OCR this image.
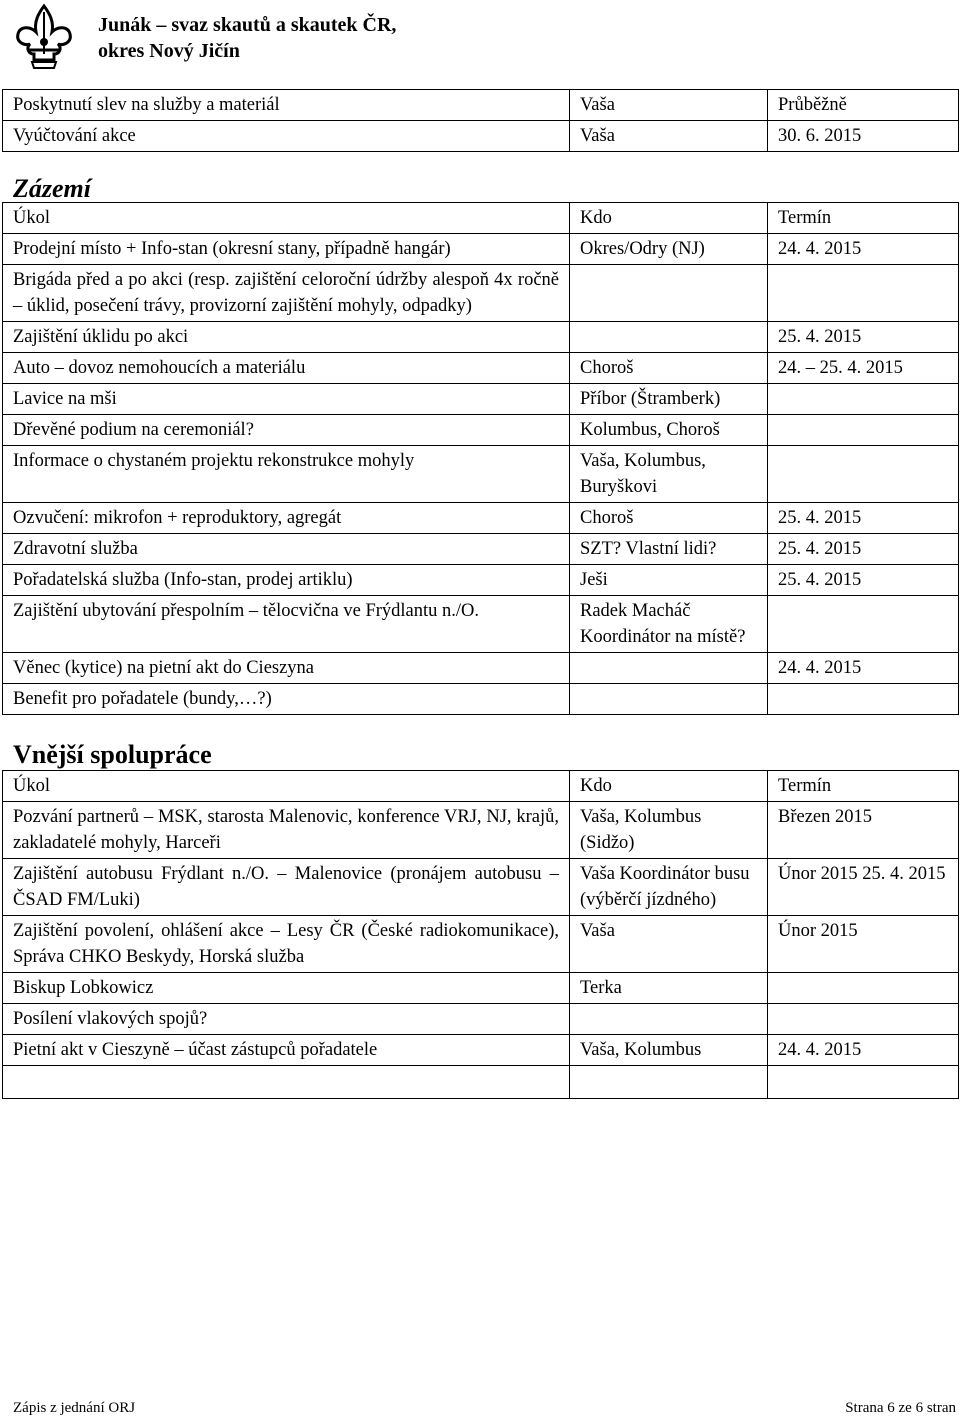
Junák – svaz skautů a skautek ČR,
okres Nový Jičín
Poskytnutí slev na služby a materiál	Vaša	Průběžně
Vyúčtování akce	Vaša	30. 6. 2015
Zázemí
Úkol	Kdo	Termín
Prodejní místo + Info-stan (okresní stany, případně hangár)	Okres/Odry (NJ)	24. 4. 2015
Brigáda před a po akci (resp. zajištění celoroční údržby alespoň 4x ročně – úklid, posečení trávy, provizorní zajištění mohyly, odpadky)		
Zajištění úklidu po akci		25. 4. 2015
Auto – dovoz nemohoucích a materiálu	Choroš	24. – 25. 4. 2015
Lavice na mši	Příbor (Štramberk)	
Dřevěné podium na ceremoniál?	Kolumbus, Choroš	
Informace o chystaném projektu rekonstrukce mohyly	Vaša, Kolumbus, Buryškovi	
Ozvučení: mikrofon + reproduktory, agregát	Choroš	25. 4. 2015
Zdravotní služba	SZT? Vlastní lidi?	25. 4. 2015
Pořadatelská služba (Info-stan, prodej artiklu)	Ješi	25. 4. 2015
Zajištění ubytování přespolním – tělocvična ve Frýdlantu n./O.	Radek Macháč Koordinátor na místě?	
Věnec (kytice) na pietní akt do Cieszyna		24. 4. 2015
Benefit pro pořadatele (bundy,…?)		
Vnější spolupráce
Úkol	Kdo	Termín
Pozvání partnerů – MSK, starosta Malenovic, konference VRJ, NJ, krajů, zakladatelé mohyly, Harceři	Vaša, Kolumbus (Sidžo)	Březen 2015
Zajištění autobusu Frýdlant n./O. – Malenovice (pronájem autobusu – ČSAD FM/Luki)	Vaša Koordinátor busu (výběrčí jízdného)	Únor 2015 25. 4. 2015
Zajištění povolení, ohlášení akce – Lesy ČR (České radiokomunikace), Správa CHKO Beskydy, Horská služba	Vaša	Únor 2015
Biskup Lobkowicz	Terka	
Posílení vlakových spojů?		
Pietní akt v Cieszyně – účast zástupců pořadatele	Vaša, Kolumbus	24. 4. 2015

Zápis z jednání ORJ	Strana 6 ze 6 stran
